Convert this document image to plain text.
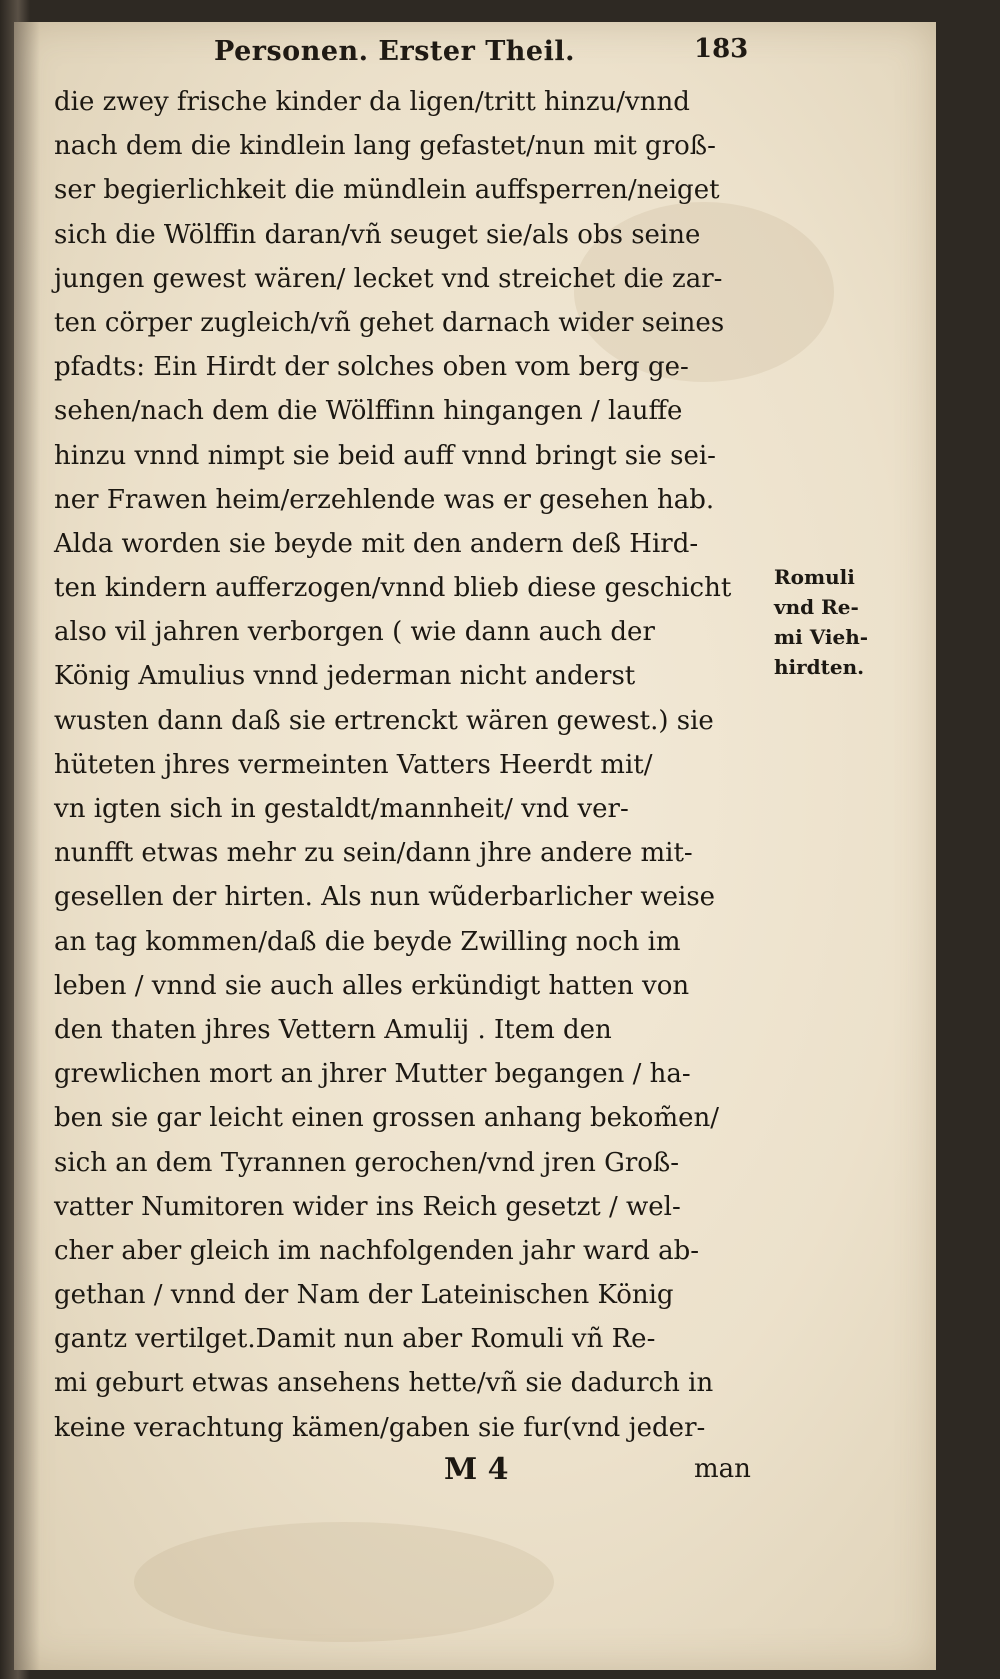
Personen. Erster Theil.	183
die zwey frische kinder da ligen/tritt hinzu/vnnd
nach dem die kindlein lang gefastet/nun mit groß-
ser begierlichkeit die mündlein auffsperren/neiget
sich die Wölffin daran/vñ seuget sie/als obs seine
jungen gewest wären/ lecket vnd streichet die zar-
ten cörper zugleich/vñ gehet darnach wider seines
pfadts: Ein Hirdt der solches oben vom berg ge-
sehen/nach dem die Wölffinn hingangen / lauffe
hinzu vnnd nimpt sie beid auff vnnd bringt sie sei-
ner Frawen heim/erzehlende was er gesehen hab.
Alda worden sie beyde mit den andern deß Hird-
ten kindern aufferzogen/vnnd blieb diese geschicht
also vil jahren verborgen ( wie dann auch der
König Amulius vnnd jederman nicht anderst
wusten dann daß sie ertrenckt wären gewest.) sie
hüteten jhres vermeinten Vatters Heerdt mit/
vn igten sich in gestaldt/mannheit/ vnd ver-
nunfft etwas mehr zu sein/dann jhre andere mit-
gesellen der hirten. Als nun wũderbarlicher weise
an tag kommen/daß die beyde Zwilling noch im
leben / vnnd sie auch alles erkündigt hatten von
den thaten jhres Vettern Amulij . Item den
grewlichen mort an jhrer Mutter begangen / ha-
ben sie gar leicht einen grossen anhang bekom̃en/
sich an dem Tyrannen gerochen/vnd jren Groß-
vatter Numitoren wider ins Reich gesetzt / wel-
cher aber gleich im nachfolgenden jahr ward ab-
gethan / vnnd der Nam der Lateinischen König
gantz vertilget.Damit nun aber Romuli vñ Re-
mi geburt etwas ansehens hette/vñ sie dadurch in
keine verachtung kämen/gaben sie fur(vnd jeder-
Romuli
vnd Re-
mi Vieh-
hirdten.
M 4	man
